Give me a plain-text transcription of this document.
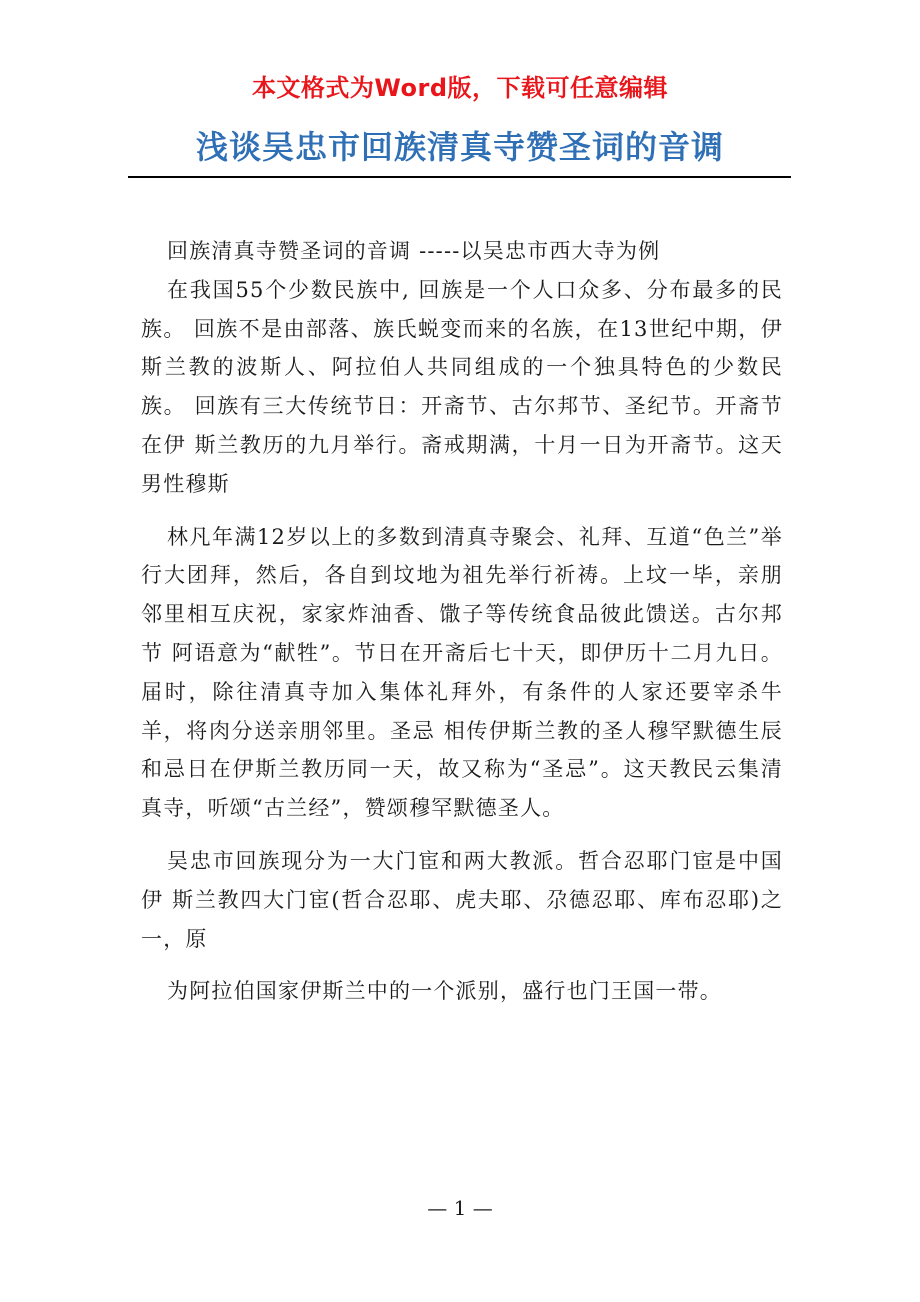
本文格式为Word版，下载可任意编辑
浅谈吴忠市回族清真寺赞圣词的音调

回族清真寺赞圣词的音调 -----以吴忠市西大寺为例

在我国55个少数民族中, 回族是一个人口众多、分布最多的民族。 回族不是由部落、族氏蜕变而来的名族，在13世纪中期，伊斯兰教的波斯人、阿拉伯人共同组成的一个独具特色的少数民族。 回族有三大传统节日：开斋节、古尔邦节、圣纪节。开斋节在伊 斯兰教历的九月举行。斋戒期满，十月一日为开斋节。这天男性穆斯

林凡年满12岁以上的多数到清真寺聚会、礼拜、互道“色兰”举行大团拜，然后，各自到坟地为祖先举行祈祷。上坟一毕，亲朋邻里相互庆祝，家家炸油香、馓子等传统食品彼此馈送。古尔邦节 阿语意为“献牲”。节日在开斋后七十天，即伊历十二月九日。届时，除往清真寺加入集体礼拜外，有条件的人家还要宰杀牛羊，将肉分送亲朋邻里。圣忌 相传伊斯兰教的圣人穆罕默德生辰和忌日在伊斯兰教历同一天，故又称为“圣忌”。这天教民云集清真寺，听颂“古兰经”，赞颂穆罕默德圣人。

吴忠市回族现分为一大门宦和两大教派。哲合忍耶门宦是中国伊 斯兰教四大门宦(哲合忍耶、虎夫耶、尕德忍耶、库布忍耶)之一，原

为阿拉伯国家伊斯兰中的一个派别，盛行也门王国一带。

— 1 —
